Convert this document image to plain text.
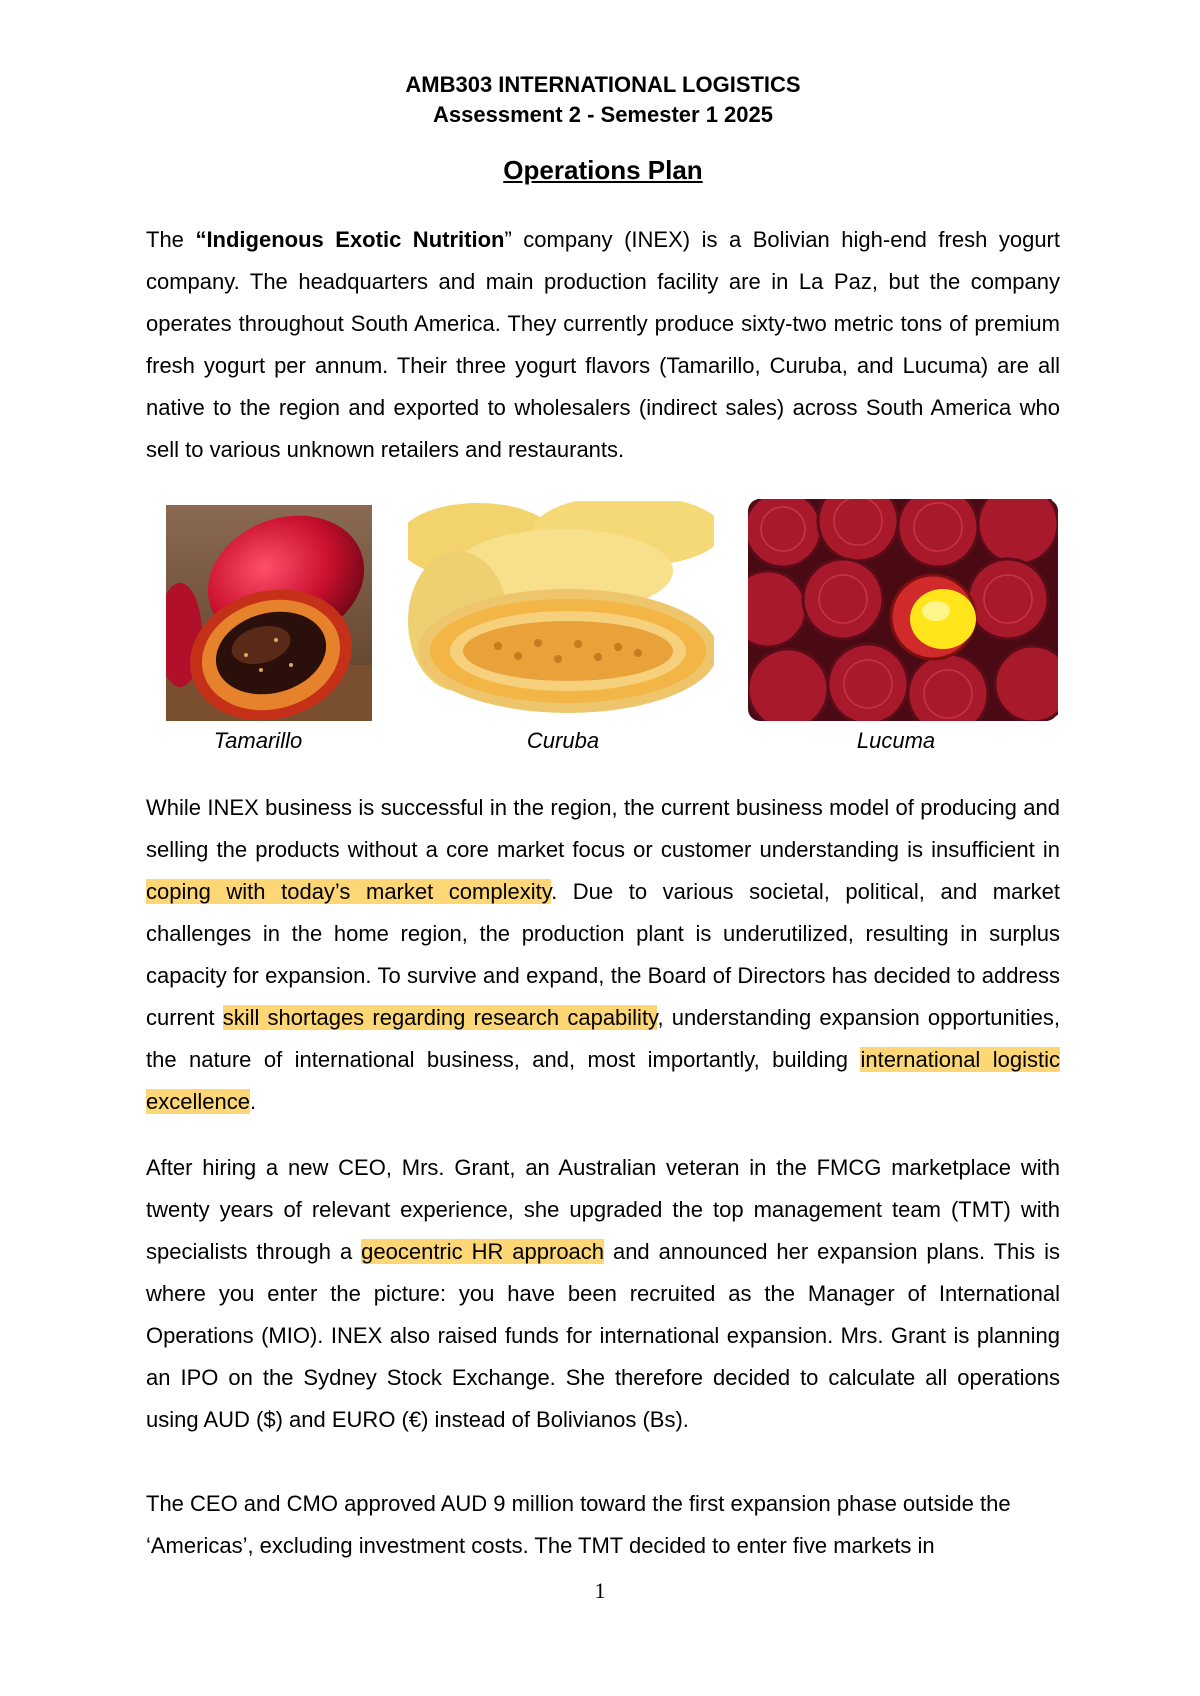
AMB303 INTERNATIONAL LOGISTICS
Assessment 2 - Semester 1 2025
Operations Plan

The “Indigenous Exotic Nutrition” company (INEX) is a Bolivian high-end fresh yogurt company. The headquarters and main production facility are in La Paz, but the company operates throughout South America. They currently produce sixty-two metric tons of premium fresh yogurt per annum. Their three yogurt flavors (Tamarillo, Curuba, and Lucuma) are all native to the region and exported to wholesalers (indirect sales) across South America who sell to various unknown retailers and restaurants.

Tamarillo	Curuba	Lucuma

While INEX business is successful in the region, the current business model of producing and selling the products without a core market focus or customer understanding is insufficient in coping with today’s market complexity. Due to various societal, political, and market challenges in the home region, the production plant is underutilized, resulting in surplus capacity for expansion. To survive and expand, the Board of Directors has decided to address current skill shortages regarding research capability, understanding expansion opportunities, the nature of international business, and, most importantly, building international logistic excellence.

After hiring a new CEO, Mrs. Grant, an Australian veteran in the FMCG marketplace with twenty years of relevant experience, she upgraded the top management team (TMT) with specialists through a geocentric HR approach and announced her expansion plans. This is where you enter the picture: you have been recruited as the Manager of International Operations (MIO). INEX also raised funds for international expansion. Mrs. Grant is planning an IPO on the Sydney Stock Exchange. She therefore decided to calculate all operations using AUD ($) and EURO (€) instead of Bolivianos (Bs).

The CEO and CMO approved AUD 9 million toward the first expansion phase outside the ‘Americas’, excluding investment costs. The TMT decided to enter five markets in

1
